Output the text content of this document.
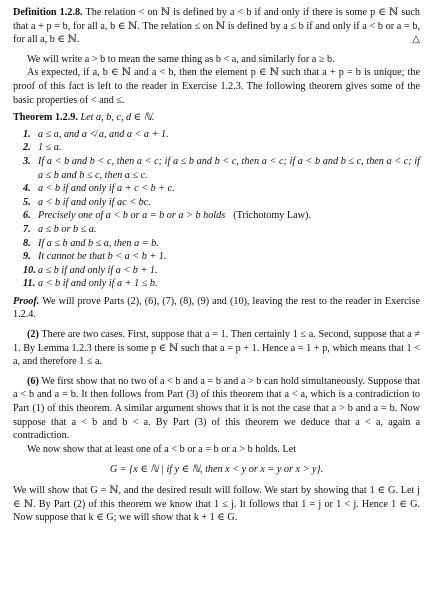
Definition 1.2.8. The relation < on ℕ is defined by a < b if and only if there is some p ∈ ℕ such that a + p = b, for all a, b ∈ ℕ. The relation ≤ on ℕ is defined by a ≤ b if and only if a < b or a = b, for all a, b ∈ ℕ.	△

We will write a > b to mean the same thing as b < a, and similarly for a ≥ b.

As expected, if a, b ∈ ℕ and a < b, then the element p ∈ ℕ such that a + p = b is unique; the proof of this fact is left to the reader in Exercise 1.2.3. The following theorem gives some of the basic properties of < and ≤.

Theorem 1.2.9. Let a, b, c, d ∈ ℕ.

1. a ≤ a, and a ≮ a, and a < a + 1.
2. 1 ≤ a.
3. If a < b and b < c, then a < c; if a ≤ b and b < c, then a < c; if a < b and b ≤ c, then a < c; if a ≤ b and b ≤ c, then a ≤ c.
4. a < b if and only if a + c < b + c.
5. a < b if and only if ac < bc.
6. Precisely one of a < b or a = b or a > b holds (Trichotomy Law).
7. a ≤ b or b ≤ a.
8. If a ≤ b and b ≤ a, then a = b.
9. It cannot be that b < a < b + 1.
10. a ≤ b if and only if a < b + 1.
11. a < b if and only if a + 1 ≤ b.

Proof. We will prove Parts (2), (6), (7), (8), (9) and (10), leaving the rest to the reader in Exercise 1.2.4.

(2) There are two cases. First, suppose that a = 1. Then certainly 1 ≤ a. Second, suppose that a ≠ 1. By Lemma 1.2.3 there is some p ∈ ℕ such that a = p + 1. Hence a = 1 + p, which means that 1 < a, and therefore 1 ≤ a.

(6) We first show that no two of a < b and a = b and a > b can hold simultaneously. Suppose that a < b and a = b. It then follows from Part (3) of this theorem that a < a, which is a contradiction to Part (1) of this theorem. A similar argument shows that it is not the case that a > b and a = b. Now suppose that a < b and b < a. By Part (3) of this theorem we deduce that a < a, again a contradiction.

We now show that at least one of a < b or a = b or a > b holds. Let

G = {x ∈ ℕ | if y ∈ ℕ, then x < y or x = y or x > y}.

We will show that G = ℕ, and the desired result will follow. We start by showing that 1 ∈ G. Let j ∈ ℕ. By Part (2) of this theorem we know that 1 ≤ j. It follows that 1 = j or 1 < j. Hence 1 ∈ G. Now suppose that k ∈ G; we will show that k + 1 ∈ G.
